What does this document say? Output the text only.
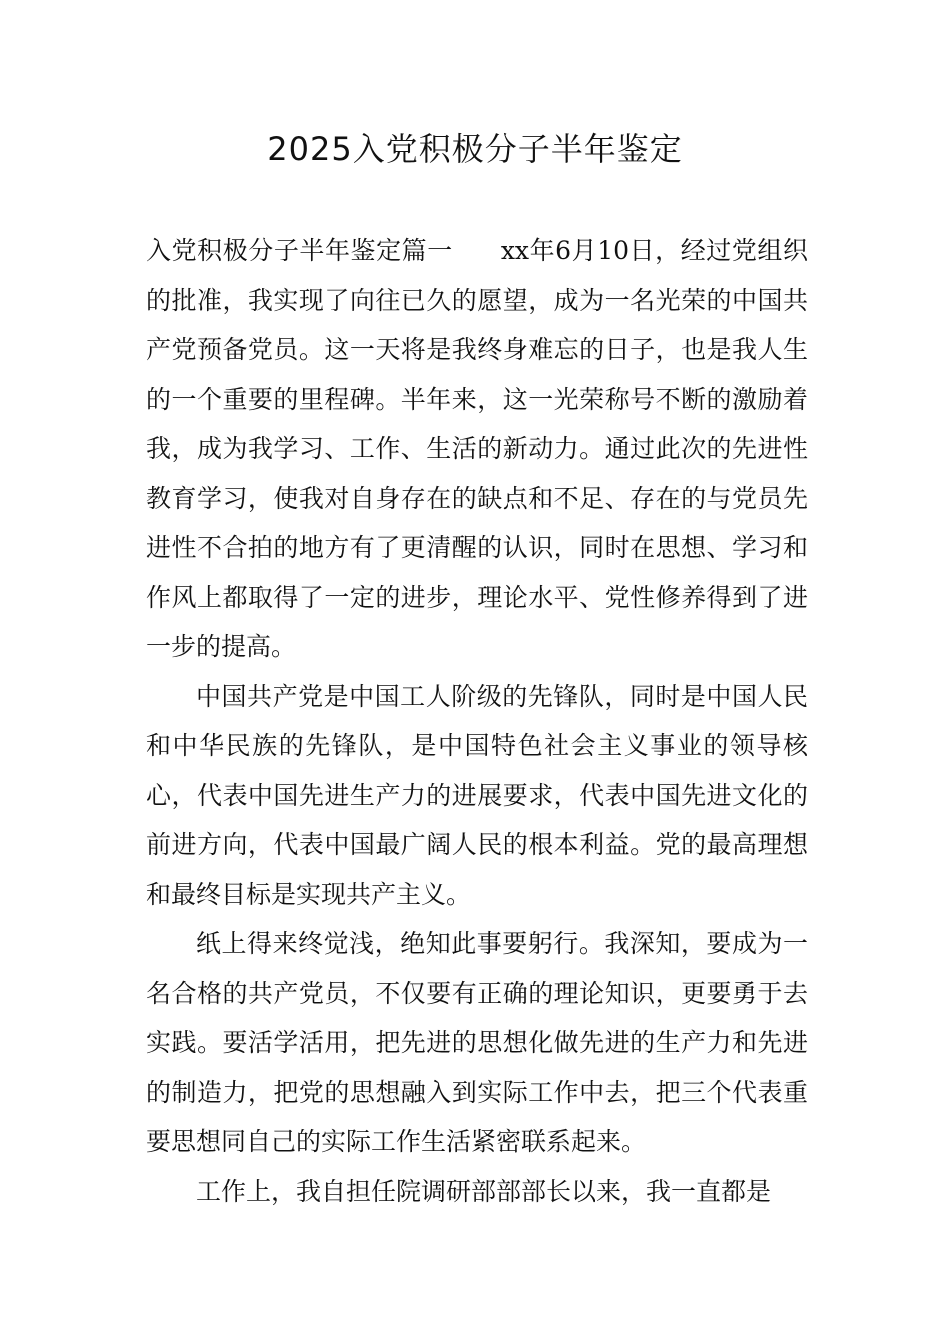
2025入党积极分子半年鉴定

入党积极分子半年鉴定篇一 xx年6月10日，经过党组织的批准，我实现了向往已久的愿望，成为一名光荣的中国共产党预备党员。这一天将是我终身难忘的日子，也是我人生的一个重要的里程碑。半年来，这一光荣称号不断的激励着我，成为我学习、工作、生活的新动力。通过此次的先进性教育学习，使我对自身存在的缺点和不足、存在的与党员先进性不合拍的地方有了更清醒的认识，同时在思想、学习和作风上都取得了一定的进步，理论水平、党性修养得到了进一步的提高。

中国共产党是中国工人阶级的先锋队，同时是中国人民和中华民族的先锋队，是中国特色社会主义事业的领导核心，代表中国先进生产力的进展要求，代表中国先进文化的前进方向，代表中国最广阔人民的根本利益。党的最高理想和最终目标是实现共产主义。

纸上得来终觉浅，绝知此事要躬行。我深知，要成为一名合格的共产党员，不仅要有正确的理论知识，更要勇于去实践。要活学活用，把先进的思想化做先进的生产力和先进的制造力，把党的思想融入到实际工作中去，把三个代表重要思想同自己的实际工作生活紧密联系起来。

工作上，我自担任院调研部部部长以来，我一直都是
